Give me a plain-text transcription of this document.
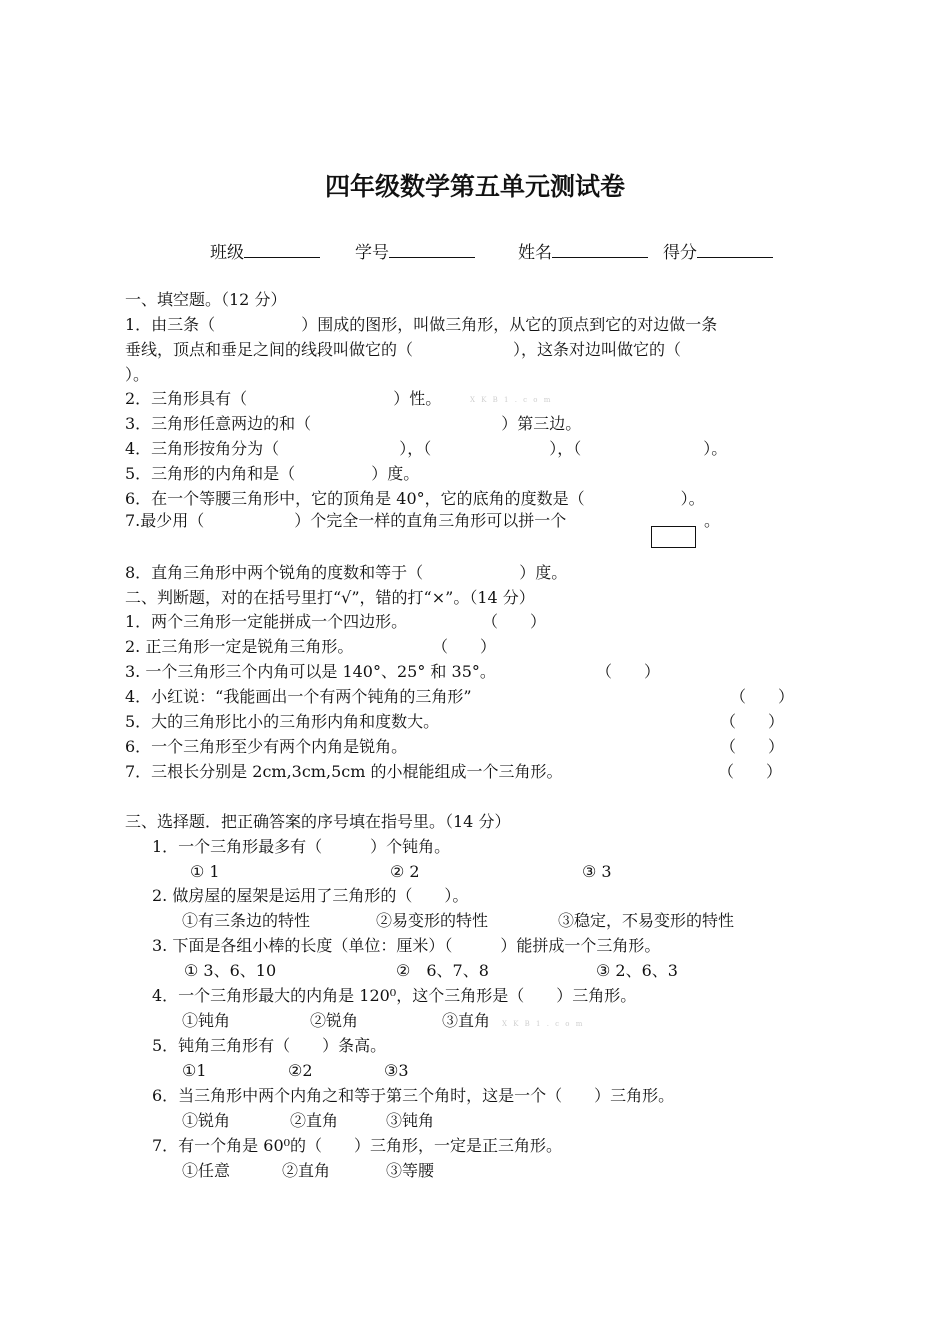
四年级数学第五单元测试卷
班级	学号	姓名	得分
一、填空题。（12 分）
1．由三条（	）围成的图形，叫做三角形，从它的顶点到它的对边做一条
垂线，顶点和垂足之间的线段叫做它的（	），这条对边叫做它的（
）。
2．三角形具有（	）性。	X K B 1 . c o m
3．三角形任意两边的和（	）第三边。
4．三角形按角分为（	），（	），（	）。
5．三角形的内角和是（	）度。
6．在一个等腰三角形中，它的顶角是 40°，它的底角的度数是（	）。
7.最少用（	）个完全一样的直角三角形可以拼一个	。
8．直角三角形中两个锐角的度数和等于（	）度。
二、判断题，对的在括号里打“√”，错的打“×”。（14 分）
1．两个三角形一定能拼成一个四边形。	（　　）
2. 正三角形一定是锐角三角形。	（　　）
3. 一个三角形三个内角可以是 140°、25° 和 35°。	（　　）
4．小红说：“我能画出一个有两个钝角的三角形”	（　　）
5．大的三角形比小的三角形内角和度数大。	（　　）
6．一个三角形至少有两个内角是锐角。	（　　）
7．三根长分别是 2cm,3cm,5cm 的小棍能组成一个三角形。	（　　）
三、选择题．把正确答案的序号填在指号里。（14 分）
1．一个三角形最多有（　　　）个钝角。
① 1	② 2	③ 3
2. 做房屋的屋架是运用了三角形的（　　）。
①有三条边的特性	②易变形的特性	③稳定，不易变形的特性
3. 下面是各组小棒的长度（单位：厘米）（　　　）能拼成一个三角形。
① 3、6、10	②　6、7、8	③ 2、6、3
4．一个三角形最大的内角是 120⁰，这个三角形是（　　）三角形。
①钝角	②锐角	③直角 X K B 1 . c o m
5．钝角三角形有（　　）条高。
①1	②2	③3
6．当三角形中两个内角之和等于第三个角时，这是一个（　　）三角形。
①锐角	②直角	③钝角
7．有一个角是 60⁰的（　　）三角形，一定是正三角形。
①任意	②直角	③等腰
